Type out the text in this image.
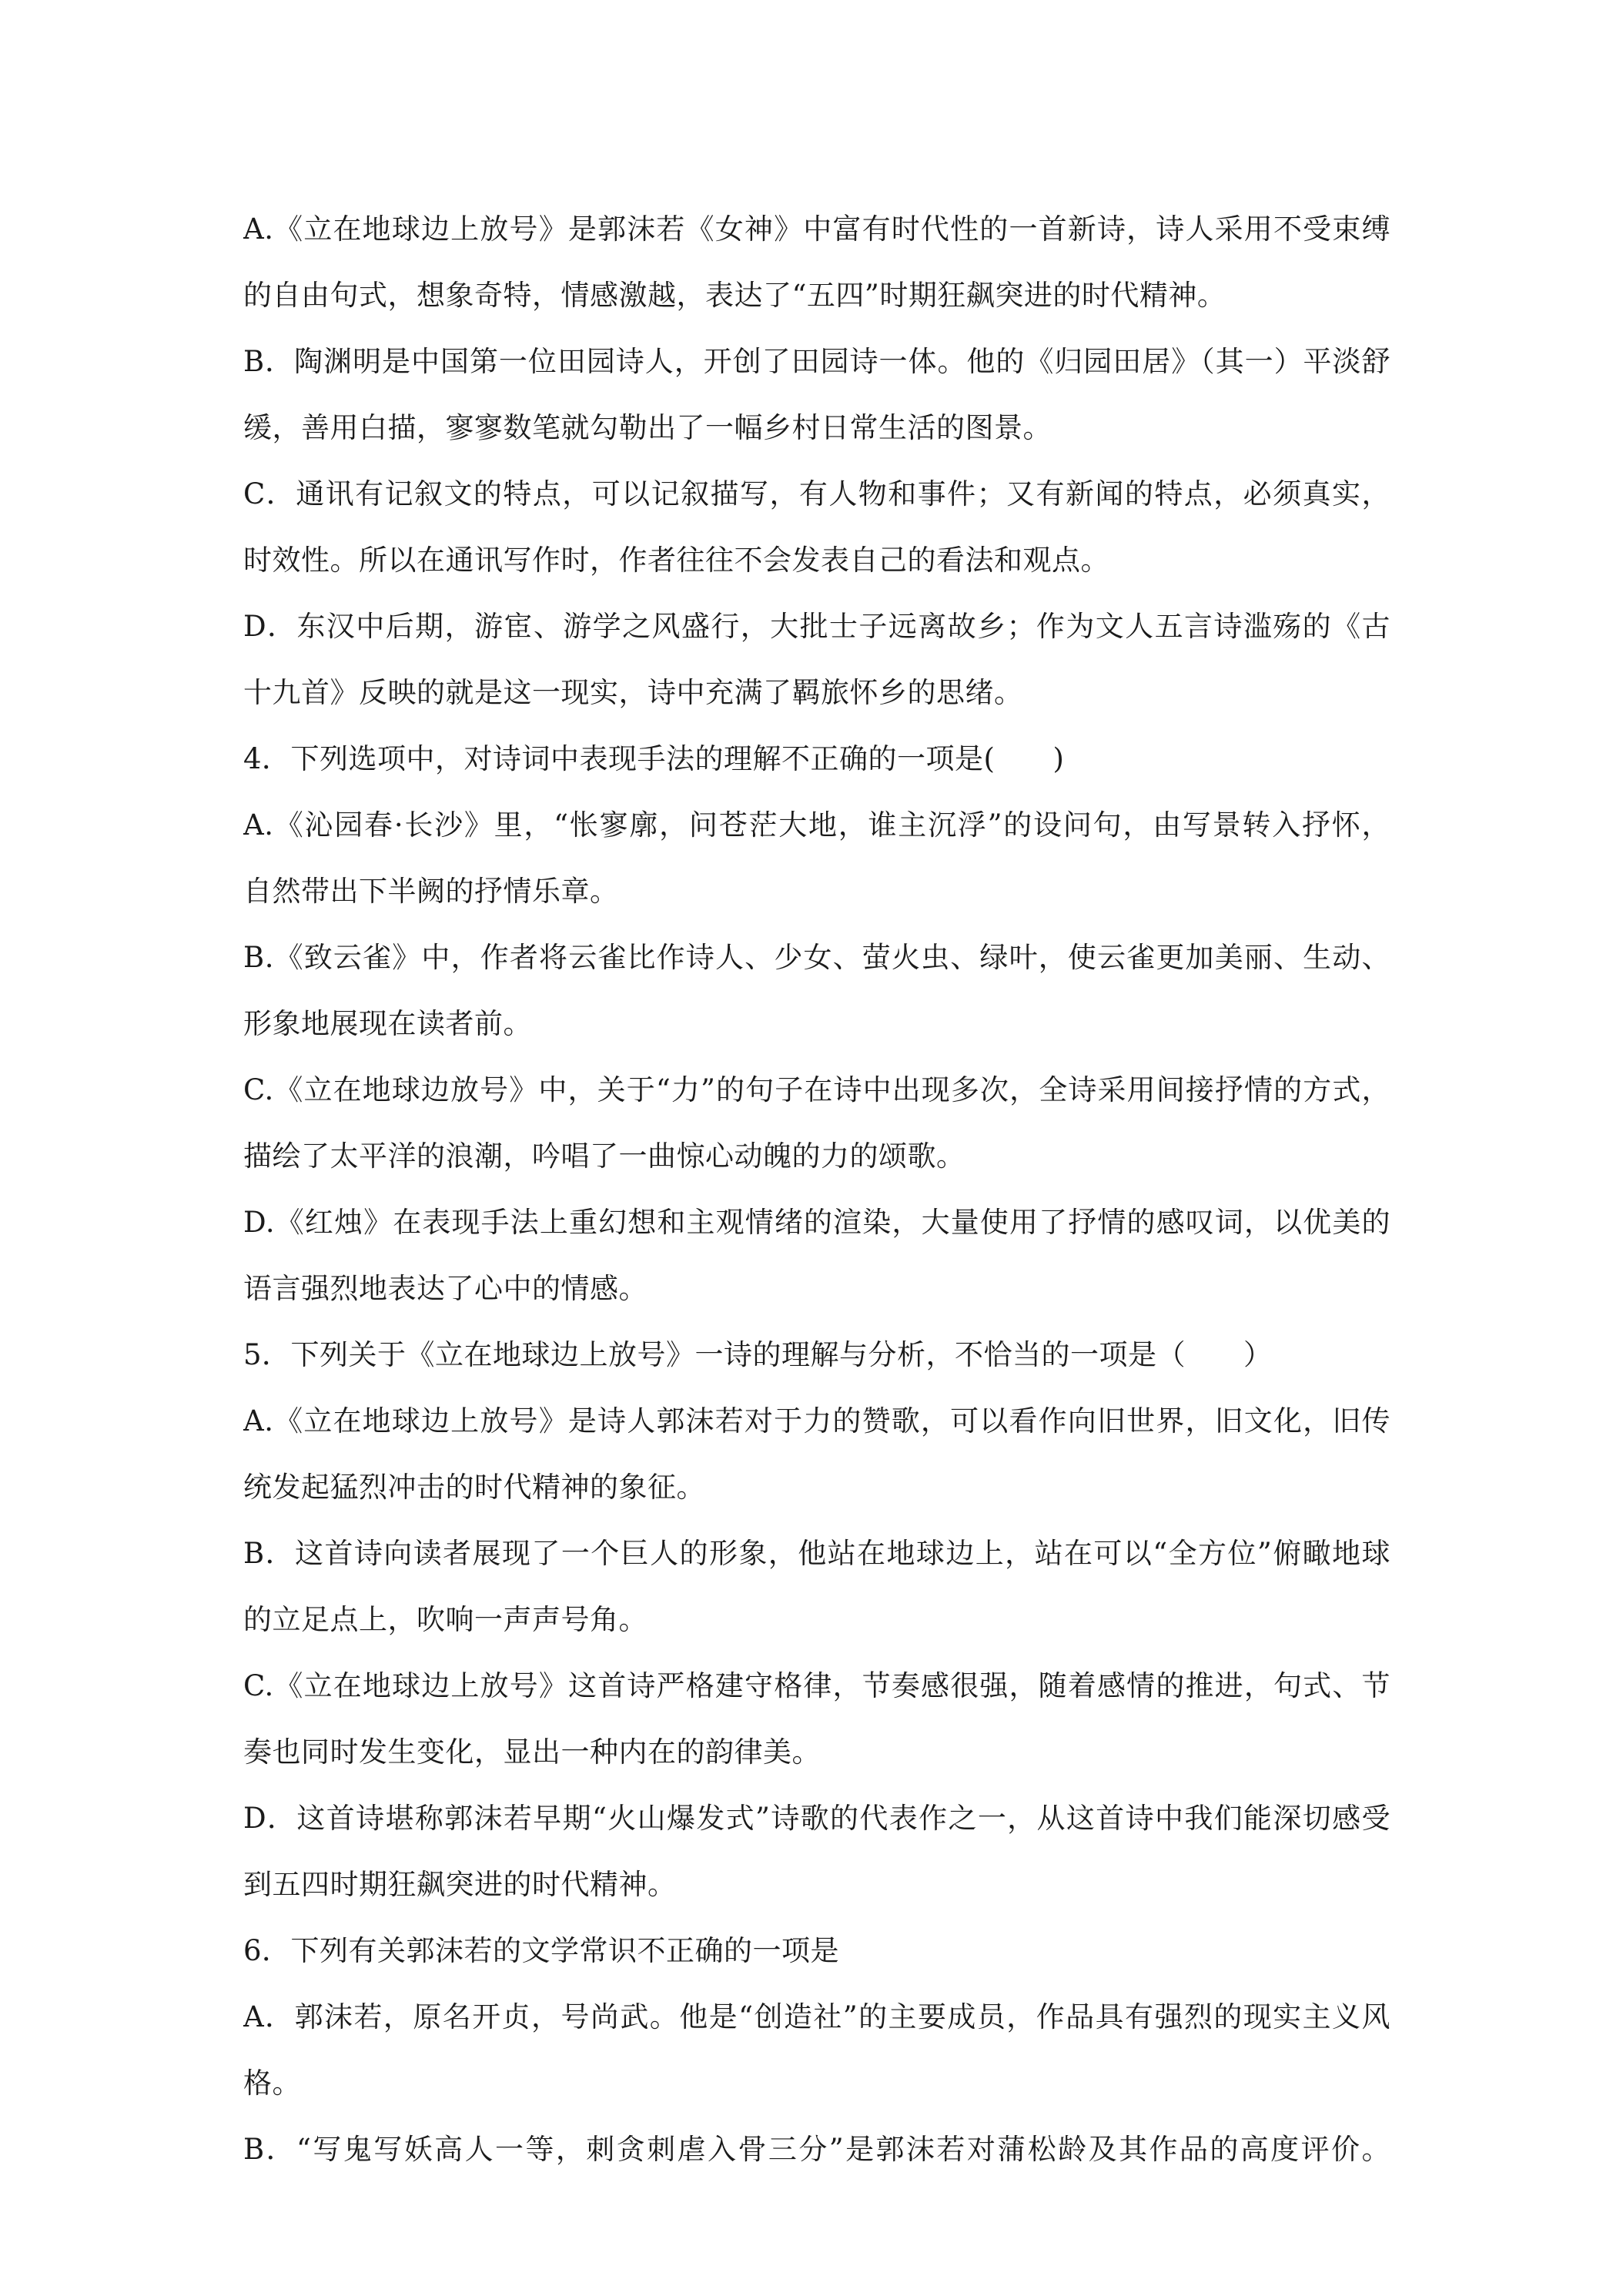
A.《立在地球边上放号》是郭沫若《女神》中富有时代性的一首新诗，诗人采用不受束缚
的自由句式，想象奇特，情感激越，表达了“五四”时期狂飙突进的时代精神。
B．陶渊明是中国第一位田园诗人，开创了田园诗一体。他的《归园田居》（其一）平淡舒
缓，善用白描，寥寥数笔就勾勒出了一幅乡村日常生活的图景。
C．通讯有记叙文的特点，可以记叙描写，有人物和事件；又有新闻的特点，必须真实，
时效性。所以在通讯写作时，作者往往不会发表自己的看法和观点。
D．东汉中后期，游宦、游学之风盛行，大批士子远离故乡；作为文人五言诗滥殇的《古
十九首》反映的就是这一现实，诗中充满了羁旅怀乡的思绪。
4．下列选项中，对诗词中表现手法的理解不正确的一项是(　　)
A.《沁园春·长沙》里，“怅寥廓，问苍茫大地，谁主沉浮”的设问句，由写景转入抒怀，
自然带出下半阙的抒情乐章。
B.《致云雀》中，作者将云雀比作诗人、少女、萤火虫、绿叶，使云雀更加美丽、生动、
形象地展现在读者前。
C.《立在地球边放号》中，关于“力”的句子在诗中出现多次，全诗采用间接抒情的方式，
描绘了太平洋的浪潮，吟唱了一曲惊心动魄的力的颂歌。
D.《红烛》在表现手法上重幻想和主观情绪的渲染，大量使用了抒情的感叹词，以优美的
语言强烈地表达了心中的情感。
5．下列关于《立在地球边上放号》一诗的理解与分析，不恰当的一项是（　　）
A.《立在地球边上放号》是诗人郭沫若对于力的赞歌，可以看作向旧世界，旧文化，旧传
统发起猛烈冲击的时代精神的象征。
B．这首诗向读者展现了一个巨人的形象，他站在地球边上，站在可以“全方位”俯瞰地球
的立足点上，吹响一声声号角。
C.《立在地球边上放号》这首诗严格建守格律，节奏感很强，随着感情的推进，句式、节
奏也同时发生变化，显出一种内在的韵律美。
D．这首诗堪称郭沫若早期“火山爆发式”诗歌的代表作之一，从这首诗中我们能深切感受
到五四时期狂飙突进的时代精神。
6．下列有关郭沫若的文学常识不正确的一项是
A．郭沫若，原名开贞，号尚武。他是“创造社”的主要成员，作品具有强烈的现实主义风
格。
B．“写鬼写妖高人一等，刺贪刺虐入骨三分”是郭沫若对蒲松龄及其作品的高度评价。
